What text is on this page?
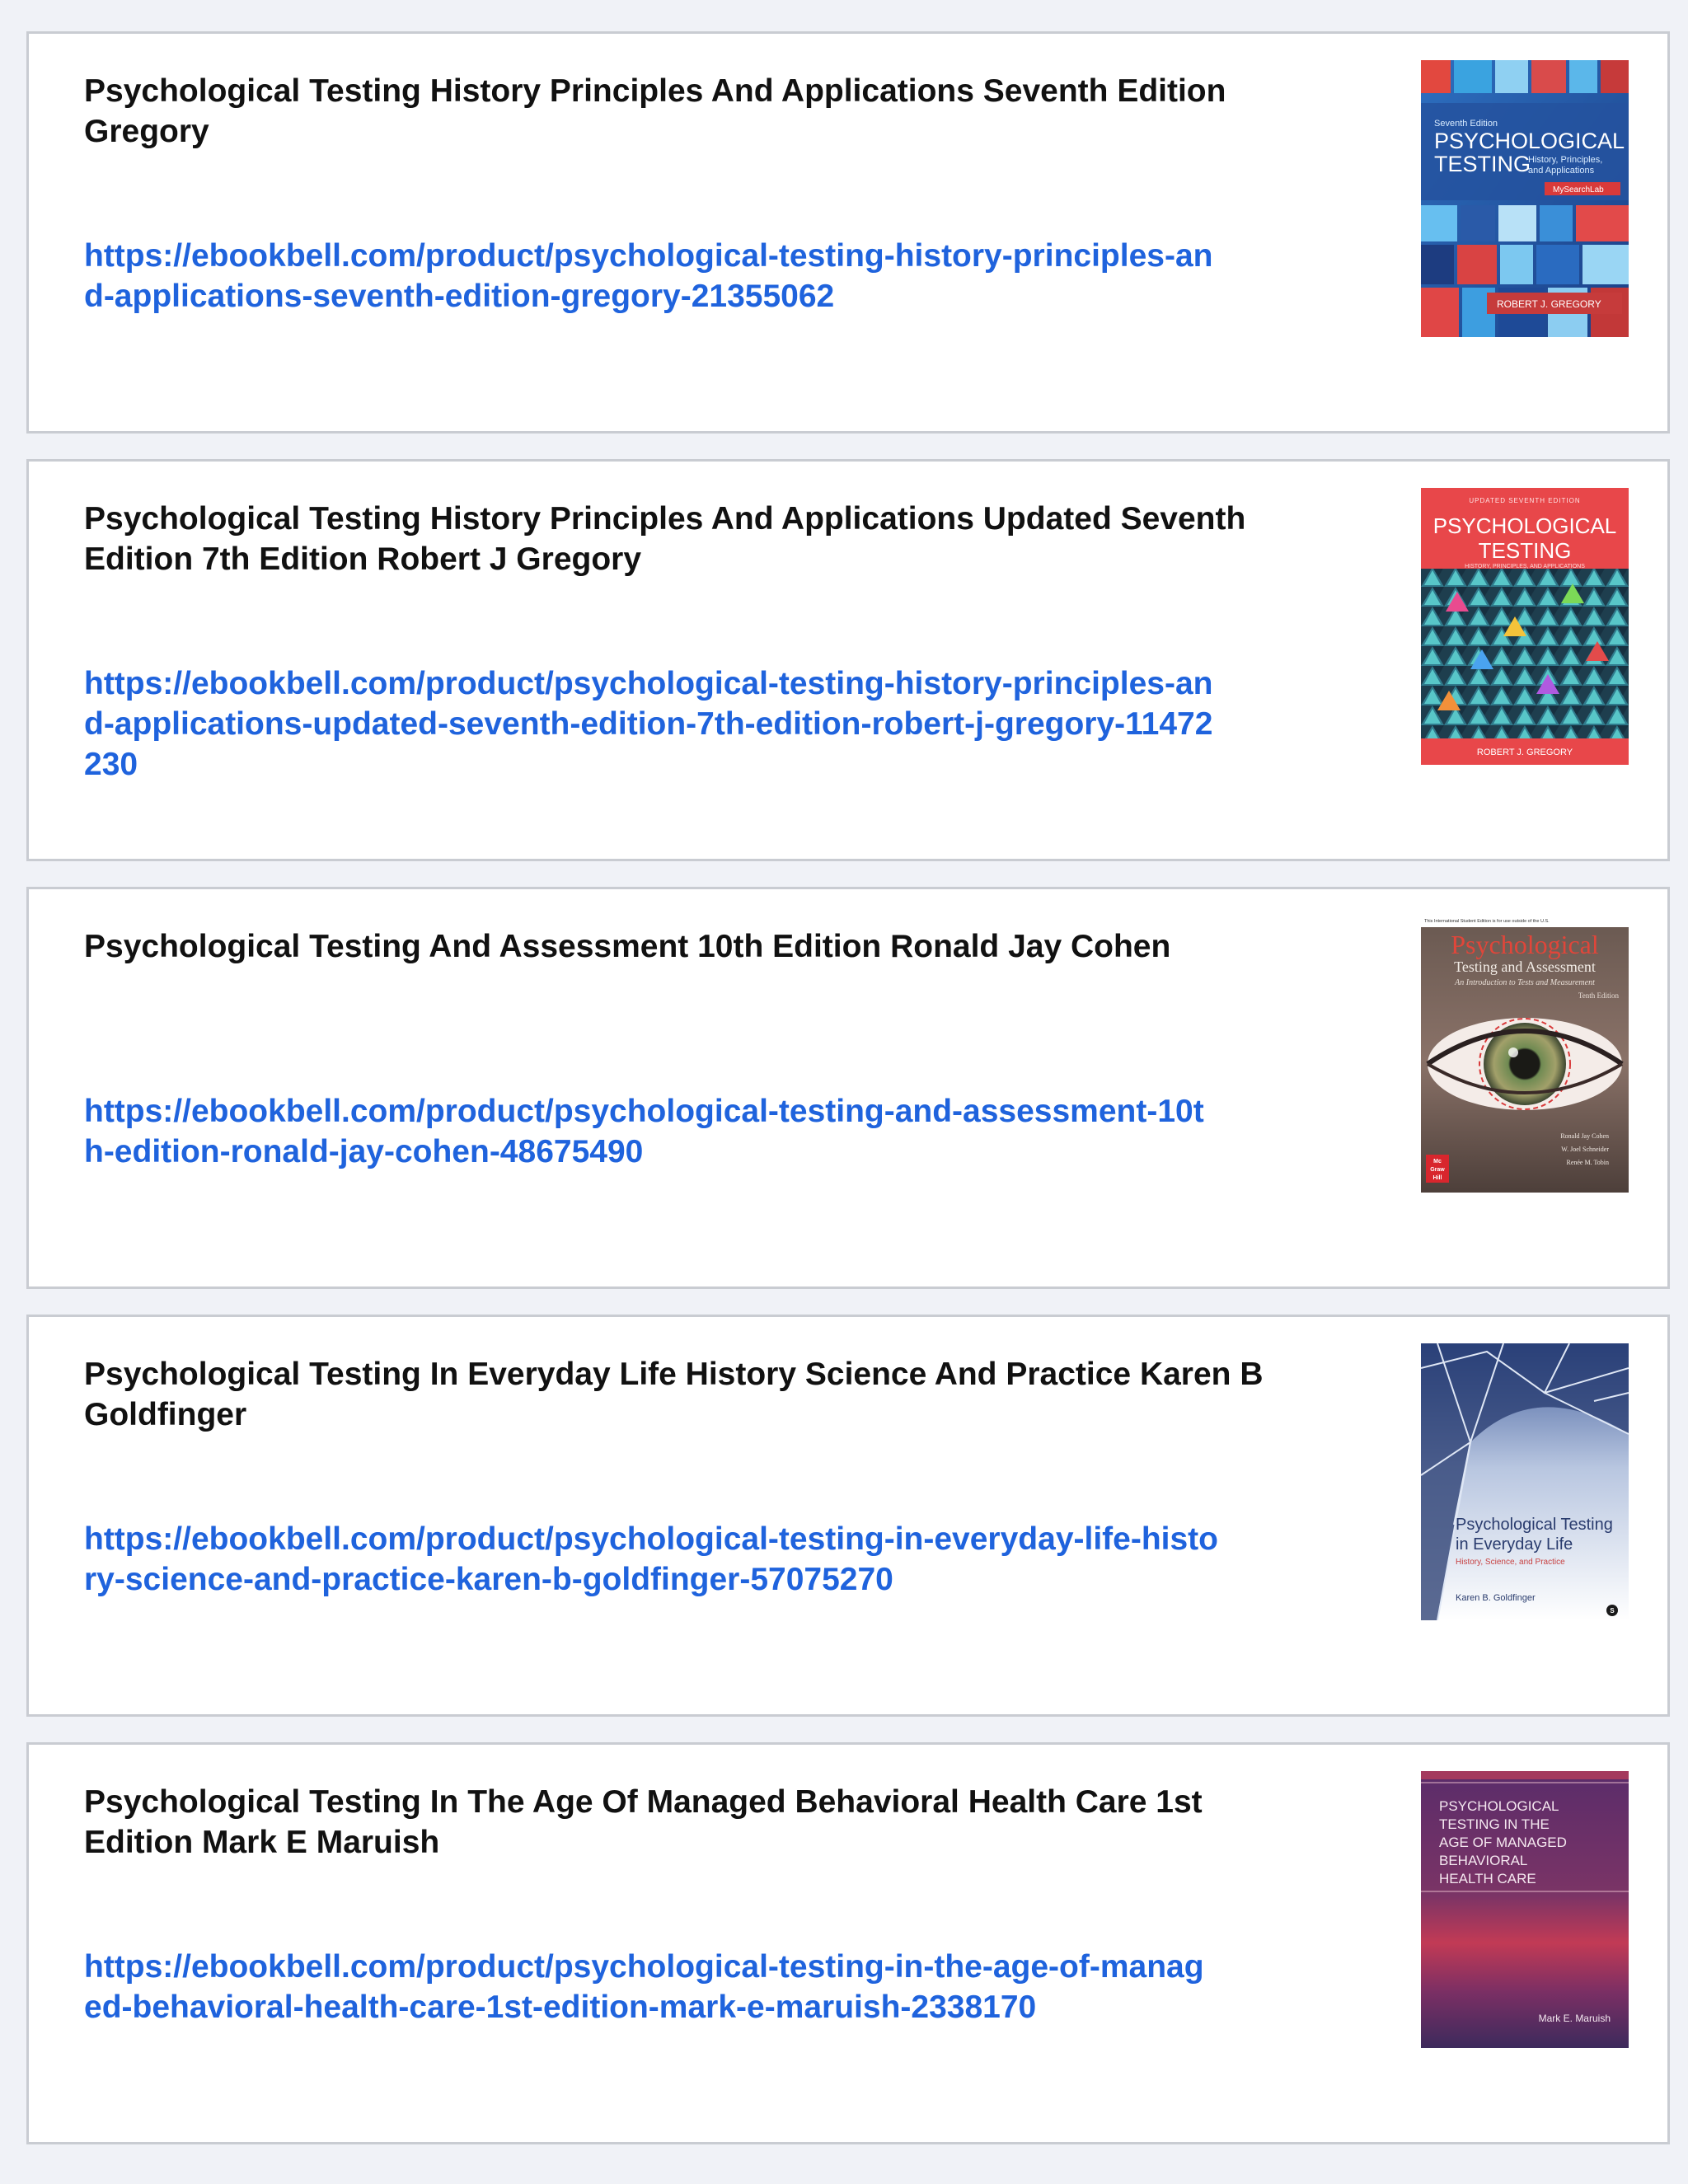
Psychological Testing History Principles And Applications Seventh Edition Gregory
https://ebookbell.com/product/psychological-testing-history-principles-and-applications-seventh-edition-gregory-21355062
Seventh Edition
PSYCHOLOGICAL
TESTING
History, Principles,
and Applications
MySearchLab
ROBERT J. GREGORY
Psychological Testing History Principles And Applications Updated Seventh Edition 7th Edition Robert J Gregory
https://ebookbell.com/product/psychological-testing-history-principles-and-applications-updated-seventh-edition-7th-edition-robert-j-gregory-11472230
UPDATED SEVENTH EDITION
PSYCHOLOGICAL
TESTING
HISTORY, PRINCIPLES, AND APPLICATIONS
ROBERT J. GREGORY
Psychological Testing And Assessment 10th Edition Ronald Jay Cohen
https://ebookbell.com/product/psychological-testing-and-assessment-10th-edition-ronald-jay-cohen-48675490
This International Student Edition is for use outside of the U.S.
Psychological
Testing and Assessment
An Introduction to Tests and Measurement
Tenth Edition
Ronald Jay Cohen
W. Joel Schneider
Renée M. Tobin
Mc
Graw
Hill
Psychological Testing In Everyday Life History Science And Practice Karen B Goldfinger
https://ebookbell.com/product/psychological-testing-in-everyday-life-history-science-and-practice-karen-b-goldfinger-57075270
Psychological Testing
in Everyday Life
History, Science, and Practice
Karen B. Goldfinger
S
Psychological Testing In The Age Of Managed Behavioral Health Care 1st Edition Mark E Maruish
https://ebookbell.com/product/psychological-testing-in-the-age-of-managed-behavioral-health-care-1st-edition-mark-e-maruish-2338170
PSYCHOLOGICAL
TESTING IN THE
AGE OF MANAGED
BEHAVIORAL
HEALTH CARE
Mark E. Maruish
